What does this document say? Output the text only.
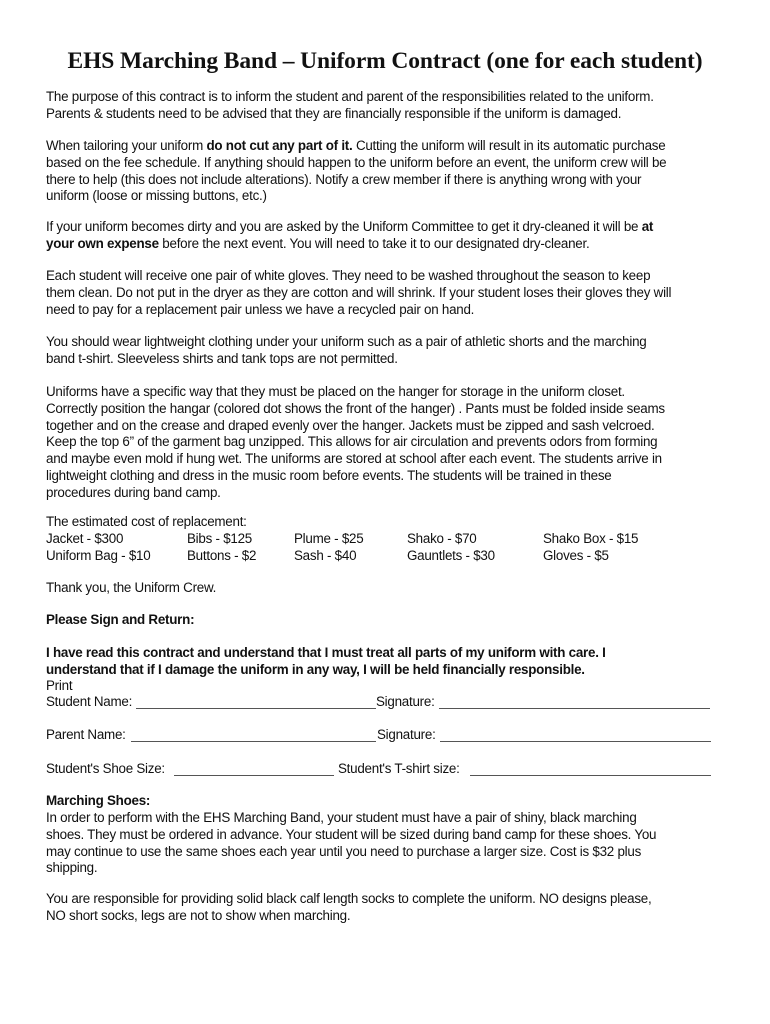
EHS Marching Band – Uniform Contract (one for each student)

The purpose of this contract is to inform the student and parent of the responsibilities related to the uniform.
Parents & students need to be advised that they are financially responsible if the uniform is damaged.

When tailoring your uniform do not cut any part of it. Cutting the uniform will result in its automatic purchase
based on the fee schedule. If anything should happen to the uniform before an event, the uniform crew will be
there to help (this does not include alterations). Notify a crew member if there is anything wrong with your
uniform (loose or missing buttons, etc.)

If your uniform becomes dirty and you are asked by the Uniform Committee to get it dry-cleaned it will be at
your own expense before the next event. You will need to take it to our designated dry-cleaner.

Each student will receive one pair of white gloves. They need to be washed throughout the season to keep
them clean. Do not put in the dryer as they are cotton and will shrink. If your student loses their gloves they will
need to pay for a replacement pair unless we have a recycled pair on hand.

You should wear lightweight clothing under your uniform such as a pair of athletic shorts and the marching
band t-shirt. Sleeveless shirts and tank tops are not permitted.

Uniforms have a specific way that they must be placed on the hanger for storage in the uniform closet.
Correctly position the hangar (colored dot shows the front of the hanger) . Pants must be folded inside seams
together and on the crease and draped evenly over the hanger. Jackets must be zipped and sash velcroed.
Keep the top 6” of the garment bag unzipped. This allows for air circulation and prevents odors from forming
and maybe even mold if hung wet. The uniforms are stored at school after each event. The students arrive in
lightweight clothing and dress in the music room before events. The students will be trained in these
procedures during band camp.

The estimated cost of replacement:

Jacket - $300	Bibs - $125	Plume - $25	Shako - $70	Shako Box - $15
Uniform Bag - $10	Buttons - $2	Sash - $40	Gauntlets - $30	Gloves - $5

Thank you, the Uniform Crew.

Please Sign and Return:

I have read this contract and understand that I must treat all parts of my uniform with care. I
understand that if I damage the uniform in any way, I will be held financially responsible.

Print

Student Name:	Signature:
Parent Name:	Signature:
Student's Shoe Size:	Student's T-shirt size:

Marching Shoes:

In order to perform with the EHS Marching Band, your student must have a pair of shiny, black marching
shoes. They must be ordered in advance. Your student will be sized during band camp for these shoes. You
may continue to use the same shoes each year until you need to purchase a larger size. Cost is $32 plus
shipping.

You are responsible for providing solid black calf length socks to complete the uniform. NO designs please,
NO short socks, legs are not to show when marching.
